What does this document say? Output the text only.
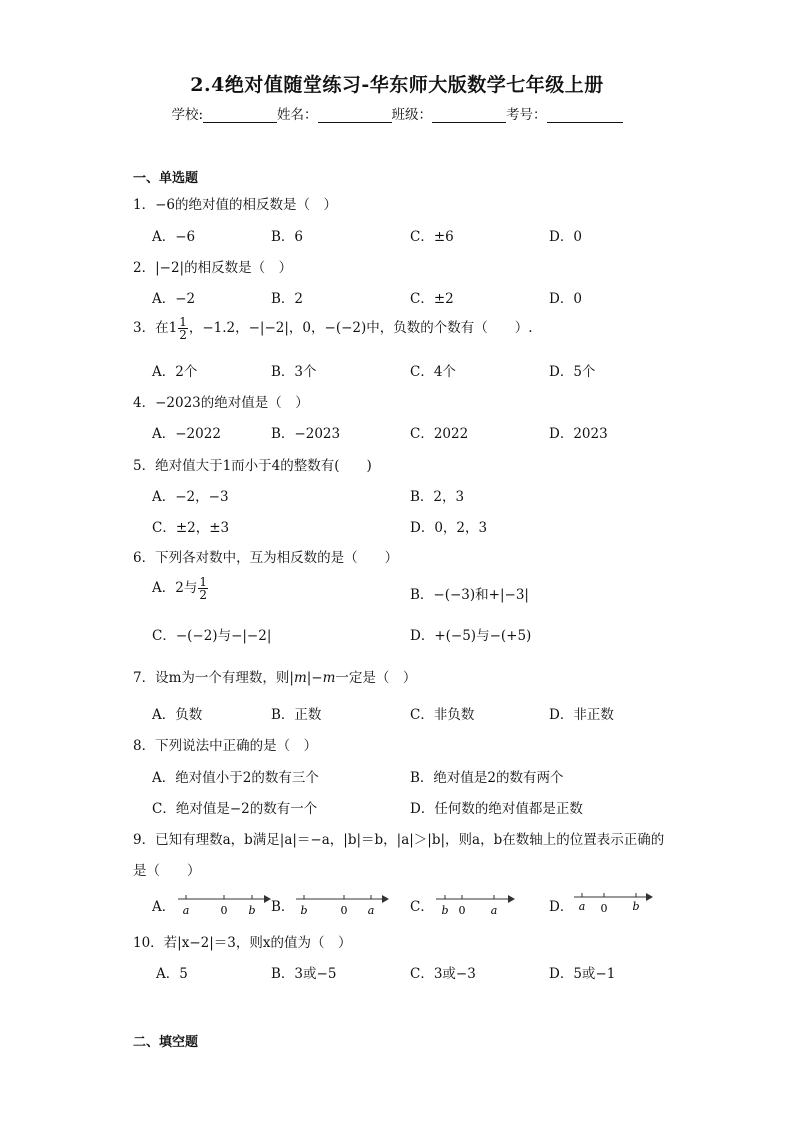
2.4绝对值随堂练习-华东师大版数学七年级上册
学校:	姓名：	班级：	考号：
一、单选题
1．−6的绝对值的相反数是（　）
A．−6	B．6	C．±6	D．0
2．|−2|的相反数是（　）
A．−2	B．2	C．±2	D．0
3．在$1 \frac{1}{2}$ ，−1.2，−|−2|，0，−(−2)中，负数的个数有（　　）.
A．2个	B．3个	C．4个	D．5个
4．−2023的绝对值是（　）
A．−2022	B．−2023	C．2022	D．2023
5．绝对值大于1而小于4的整数有(　　)
A．−2，−3	B．2，3
C．±2，±3	D．0，2，3
6．下列各对数中，互为相反数的是（　　）
A．2与 $\frac{1}{2}$	B．−(−3)和+|−3|
C．−(−2)与−|−2|	D．+(−5)与−(+5)
7．设m为一个有理数，则|m|−m一定是（　）
A．负数	B．正数	C．非负数	D．非正数
8．下列说法中正确的是（　）
A．绝对值小于2的数有三个	B．绝对值是2的数有两个
C．绝对值是−2的数有一个	D．任何数的绝对值都是正数
9．已知有理数a，b满足|a|＝−a，|b|＝b，|a|＞|b|，则a，b在数轴上的位置表示正确的
是（　　）
A． a	0 b B． b	0 a	C． b 0 a	D． a 0 b
10．若|x−2|＝3，则x的值为（　）
A．5	B．3或−5	C．3或−3	D．5或−1
二、填空题
